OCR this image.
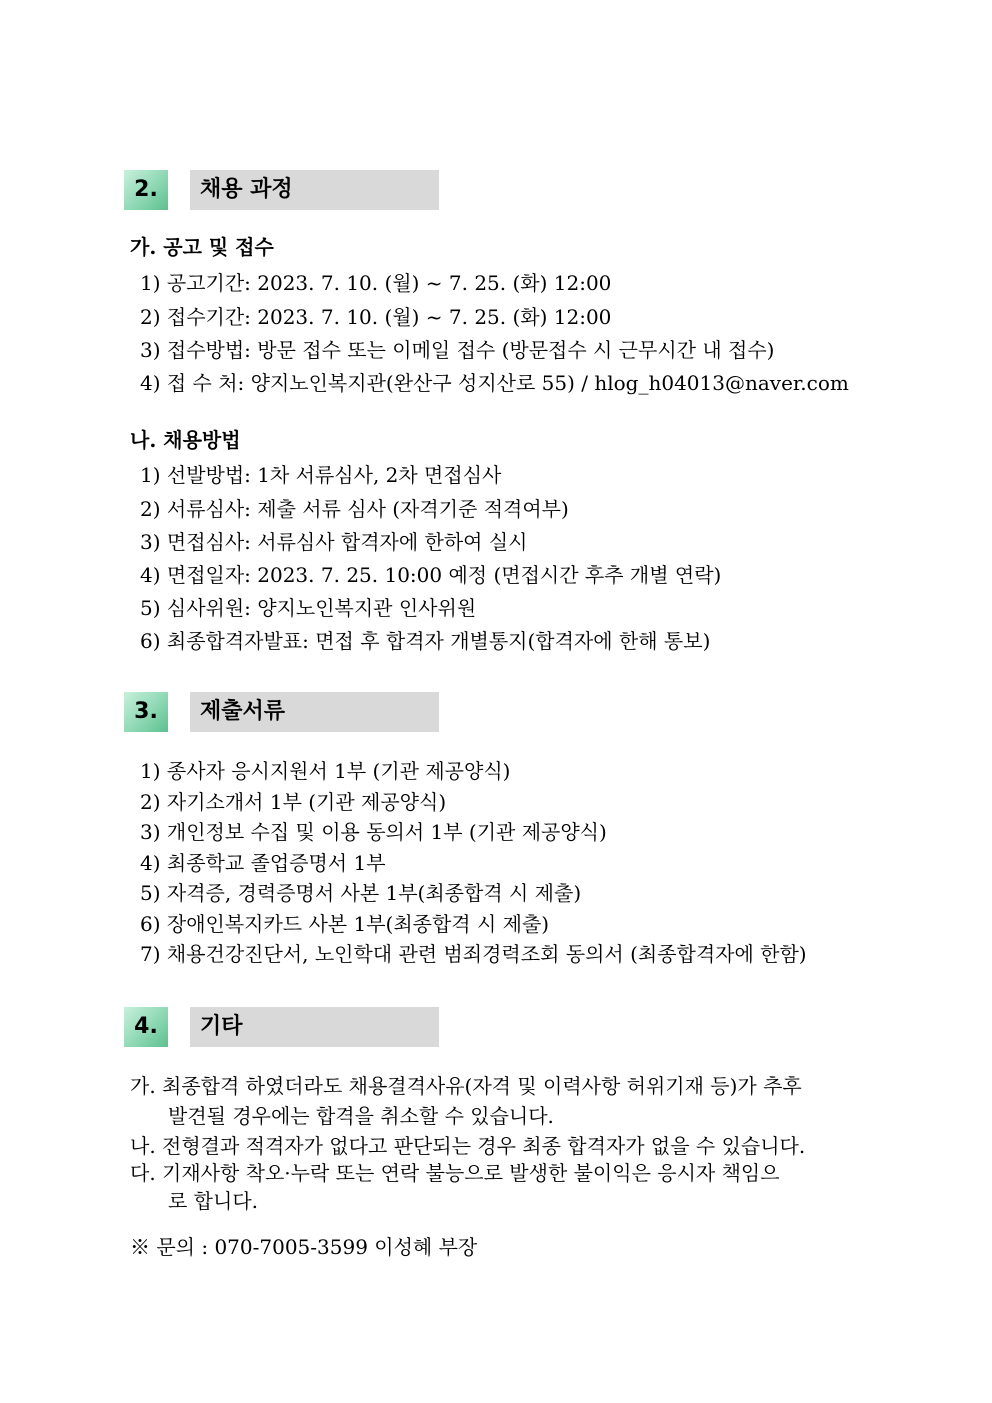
2.	채용 과정
가. 공고 및 접수
1) 공고기간: 2023. 7. 10. (월) ~ 7. 25. (화) 12:00
2) 접수기간: 2023. 7. 10. (월) ~ 7. 25. (화) 12:00
3) 접수방법: 방문 접수 또는 이메일 접수 (방문접수 시 근무시간 내 접수)
4) 접 수 처: 양지노인복지관(완산구 성지산로 55) / hlog_h04013@naver.com
나. 채용방법
1) 선발방법: 1차 서류심사, 2차 면접심사
2) 서류심사: 제출 서류 심사 (자격기준 적격여부)
3) 면접심사: 서류심사 합격자에 한하여 실시
4) 면접일자: 2023. 7. 25. 10:00 예정 (면접시간 후추 개별 연락)
5) 심사위원: 양지노인복지관 인사위원
6) 최종합격자발표: 면접 후 합격자 개별통지(합격자에 한해 통보)
3.	제출서류
1) 종사자 응시지원서 1부 (기관 제공양식)
2) 자기소개서 1부 (기관 제공양식)
3) 개인정보 수집 및 이용 동의서 1부 (기관 제공양식)
4) 최종학교 졸업증명서 1부
5) 자격증, 경력증명서 사본 1부(최종합격 시 제출)
6) 장애인복지카드 사본 1부(최종합격 시 제출)
7) 채용건강진단서, 노인학대 관련 범죄경력조회 동의서 (최종합격자에 한함)
4.	기타
가. 최종합격 하였더라도 채용결격사유(자격 및 이력사항 허위기재 등)가 추후
발견될 경우에는 합격을 취소할 수 있습니다.
나. 전형결과 적격자가 없다고 판단되는 경우 최종 합격자가 없을 수 있습니다.
다. 기재사항 착오·누락 또는 연락 불능으로 발생한 불이익은 응시자 책임으
로 합니다.
※ 문의 : 070-7005-3599 이성혜 부장
